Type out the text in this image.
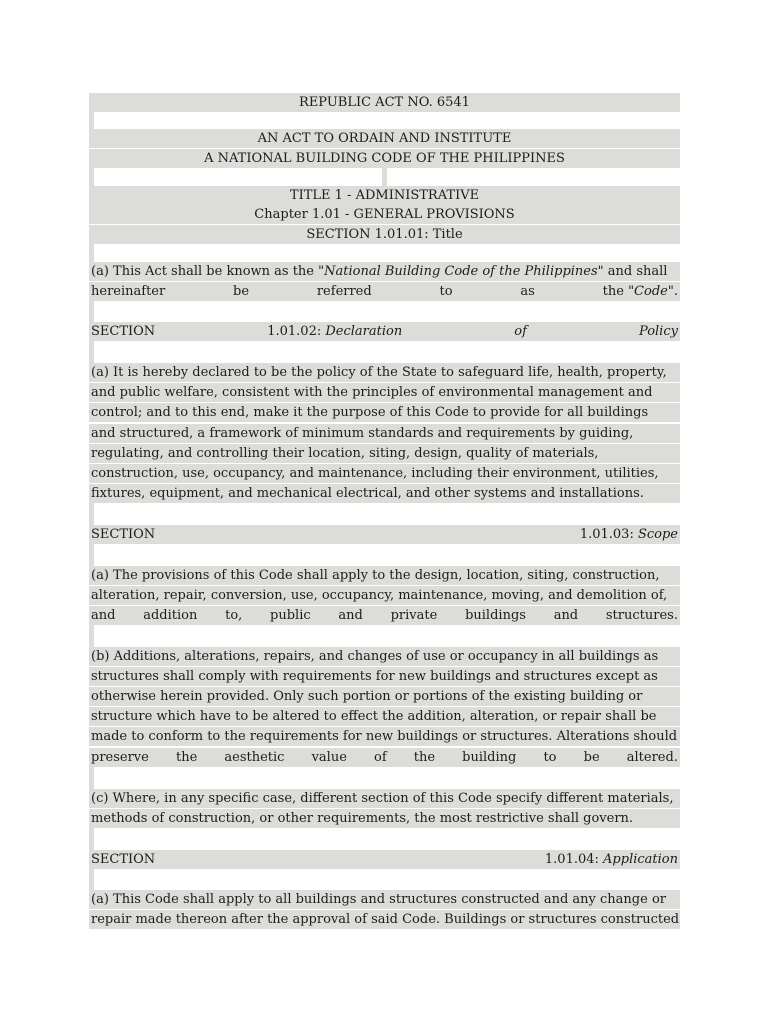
REPUBLIC ACT NO. 6541
AN ACT TO ORDAIN AND INSTITUTE
A NATIONAL BUILDING CODE OF THE PHILIPPINES
TITLE 1 - ADMINISTRATIVE
Chapter 1.01 - GENERAL PROVISIONS
SECTION 1.01.01: Title
(a) This Act shall be known as the "National Building Code of the Philippines" and shall
hereinafter	be	referred	to	as	the "Code".
SECTION	1.01.02: Declaration	of	Policy
(a) It is hereby declared to be the policy of the State to safeguard life, health, property,
and public welfare, consistent with the principles of environmental management and
control; and to this end, make it the purpose of this Code to provide for all buildings
and structured, a framework of minimum standards and requirements by guiding,
regulating, and controlling their location, siting, design, quality of materials,
construction, use, occupancy, and maintenance, including their environment, utilities,
fixtures, equipment, and mechanical electrical, and other systems and installations.
SECTION	1.01.03: Scope
(a) The provisions of this Code shall apply to the design, location, siting, construction,
alteration, repair, conversion, use, occupancy, maintenance, moving, and demolition of,
and addition to, public and private buildings and structures.
(b) Additions, alterations, repairs, and changes of use or occupancy in all buildings as
structures shall comply with requirements for new buildings and structures except as
otherwise herein provided. Only such portion or portions of the existing building or
structure which have to be altered to effect the addition, alteration, or repair shall be
made to conform to the requirements for new buildings or structures. Alterations should
preserve the aesthetic value of the building to be altered.
(c) Where, in any specific case, different section of this Code specify different materials,
methods of construction, or other requirements, the most restrictive shall govern.
SECTION	1.01.04: Application
(a) This Code shall apply to all buildings and structures constructed and any change or
repair made thereon after the approval of said Code. Buildings or structures constructed
